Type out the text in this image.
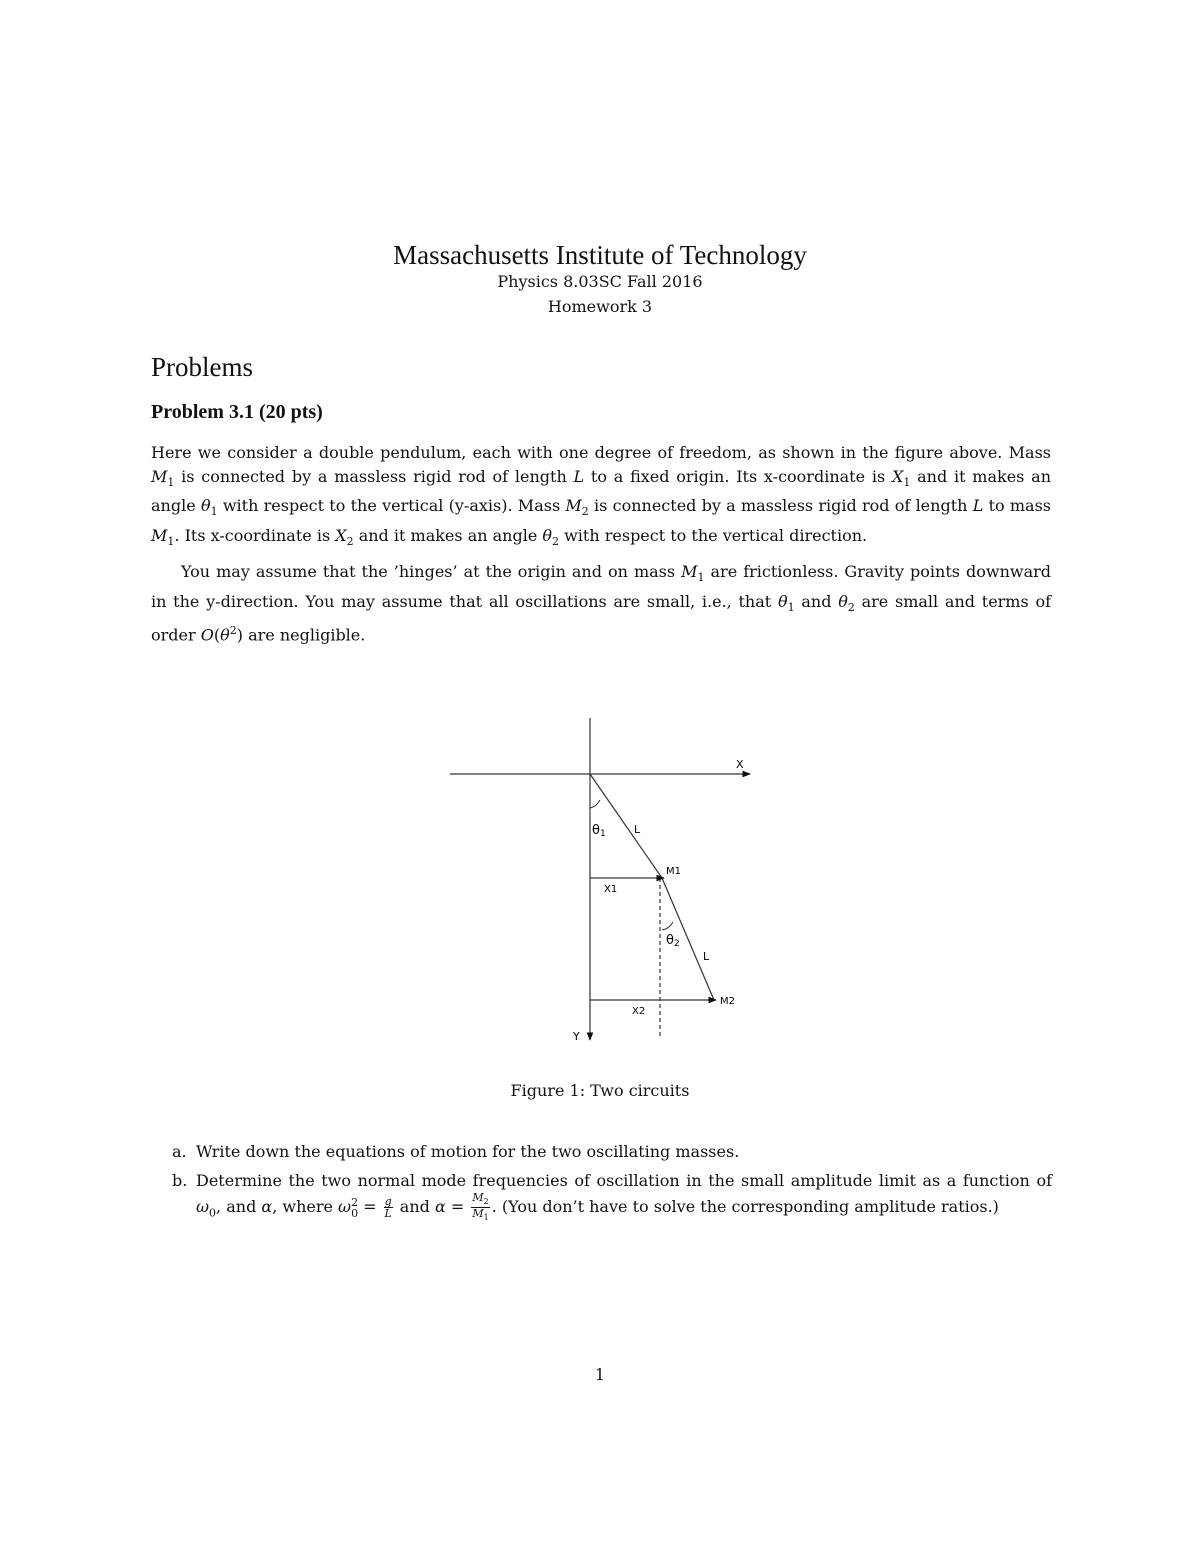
Massachusetts Institute of Technology
Physics 8.03SC Fall 2016
Homework 3
Problems
Problem 3.1 (20 pts)
Here we consider a double pendulum, each with one degree of freedom, as shown in the figure above. Mass $M_1$ is connected by a massless rigid rod of length L to a fixed origin. Its x-coordinate is $X_1$ and it makes an angle $\theta_1$ with respect to the vertical (y-axis). Mass $M_2$ is connected by a massless rigid rod of length L to mass $M_1$. Its x-coordinate is $X_2$ and it makes an angle $\theta_2$ with respect to the vertical direction.
You may assume that the ’hinges’ at the origin and on mass $M_1$ are frictionless. Gravity points downward in the y-direction. You may assume that all oscillations are small, i.e., that $\theta_1$ and $\theta_2$ are small and terms of order $O(\theta^2)$ are negligible.
X
Y
θ1
θ2
L
L
M1
M2
X1
X2
Figure 1: Two circuits
a. Write down the equations of motion for the two oscillating masses.
b. Determine the two normal mode frequencies of oscillation in the small amplitude limit as a function of $\omega_0$, and α, where ω 2
$0 = \frac{g}{L}$ and $\alpha = \frac{M_2}{M_1}$ . (You don’t have to solve the corresponding amplitude ratios.)
1
